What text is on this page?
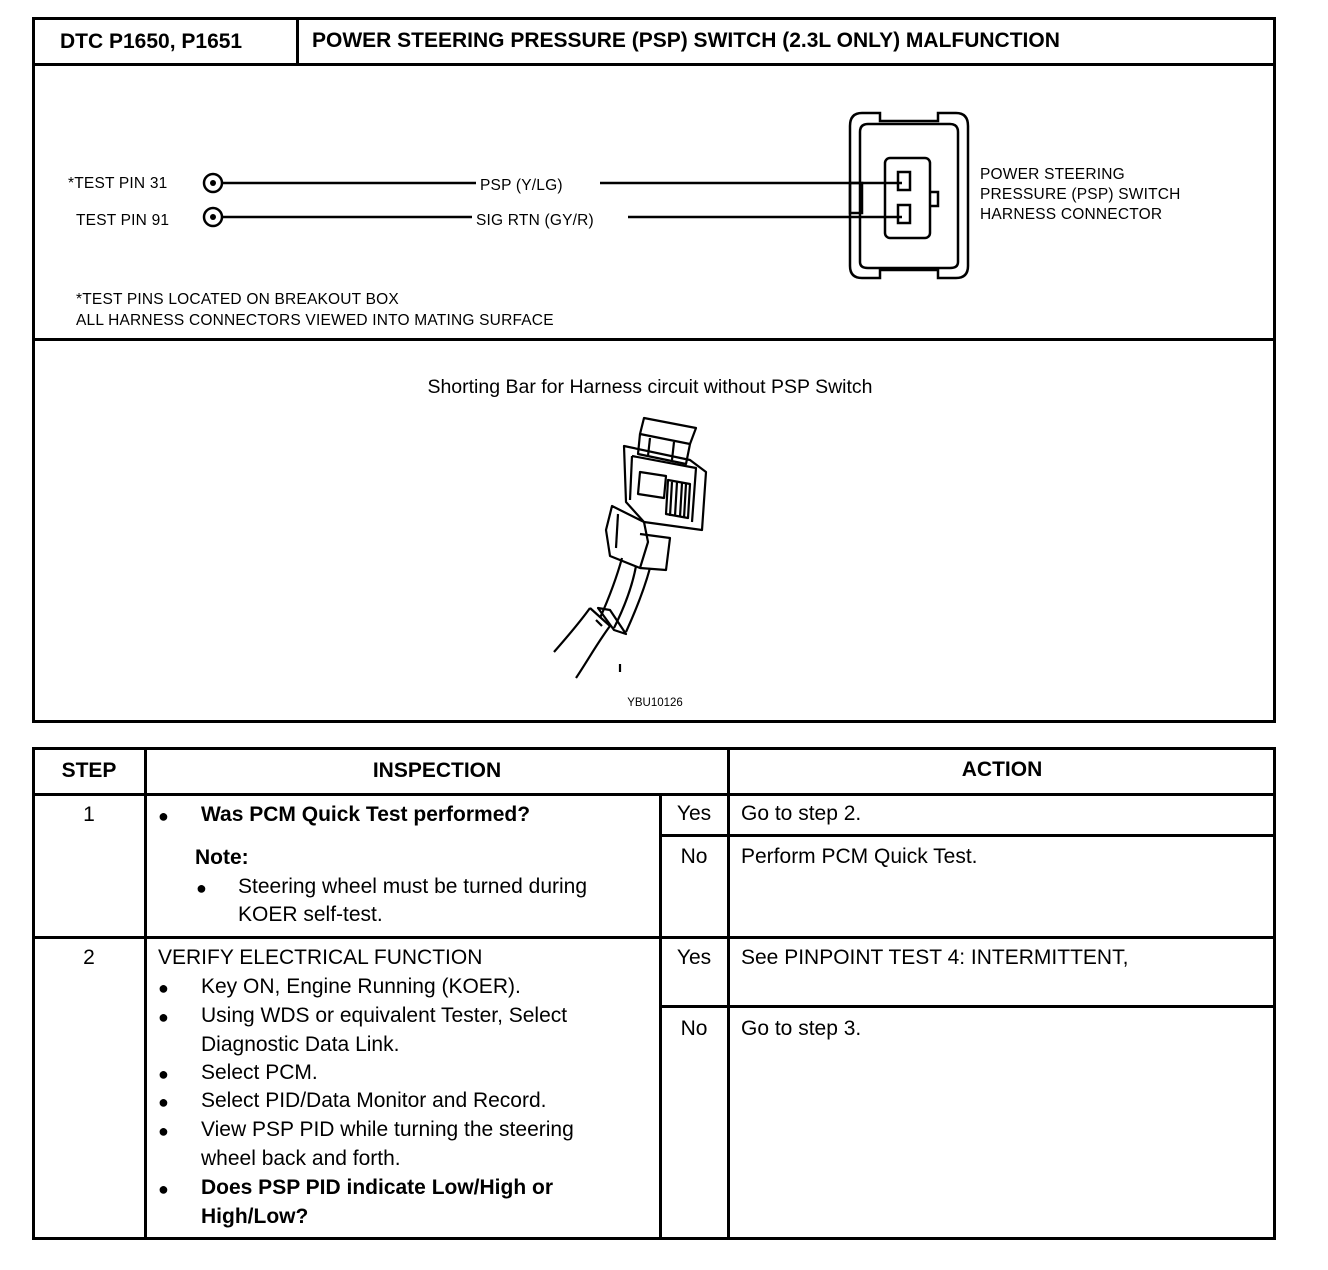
DTC P1650, P1651	POWER STEERING PRESSURE (PSP) SWITCH (2.3L ONLY) MALFUNCTION
*TEST PIN 31
TEST PIN 91
PSP (Y/LG)
SIG RTN (GY/R)
POWER STEERING
PRESSURE (PSP) SWITCH
HARNESS CONNECTOR
*TEST PINS LOCATED ON BREAKOUT BOX
ALL HARNESS CONNECTORS VIEWED INTO MATING SURFACE
Shorting Bar for Harness circuit without PSP Switch
YBU10126
STEP	INSPECTION	ACTION
1	● Was PCM Quick Test performed?
Note:
● Steering wheel must be turned during
KOER self-test.
Yes	Go to step 2.
No	Perform PCM Quick Test.
2	VERIFY ELECTRICAL FUNCTION
● Key ON, Engine Running (KOER).
● Using WDS or equivalent Tester, Select
Diagnostic Data Link.
● Select PCM.
● Select PID/Data Monitor and Record.
● View PSP PID while turning the steering
wheel back and forth.
● Does PSP PID indicate Low/High or
High/Low?
Yes	See PINPOINT TEST 4: INTERMITTENT,
No	Go to step 3.
